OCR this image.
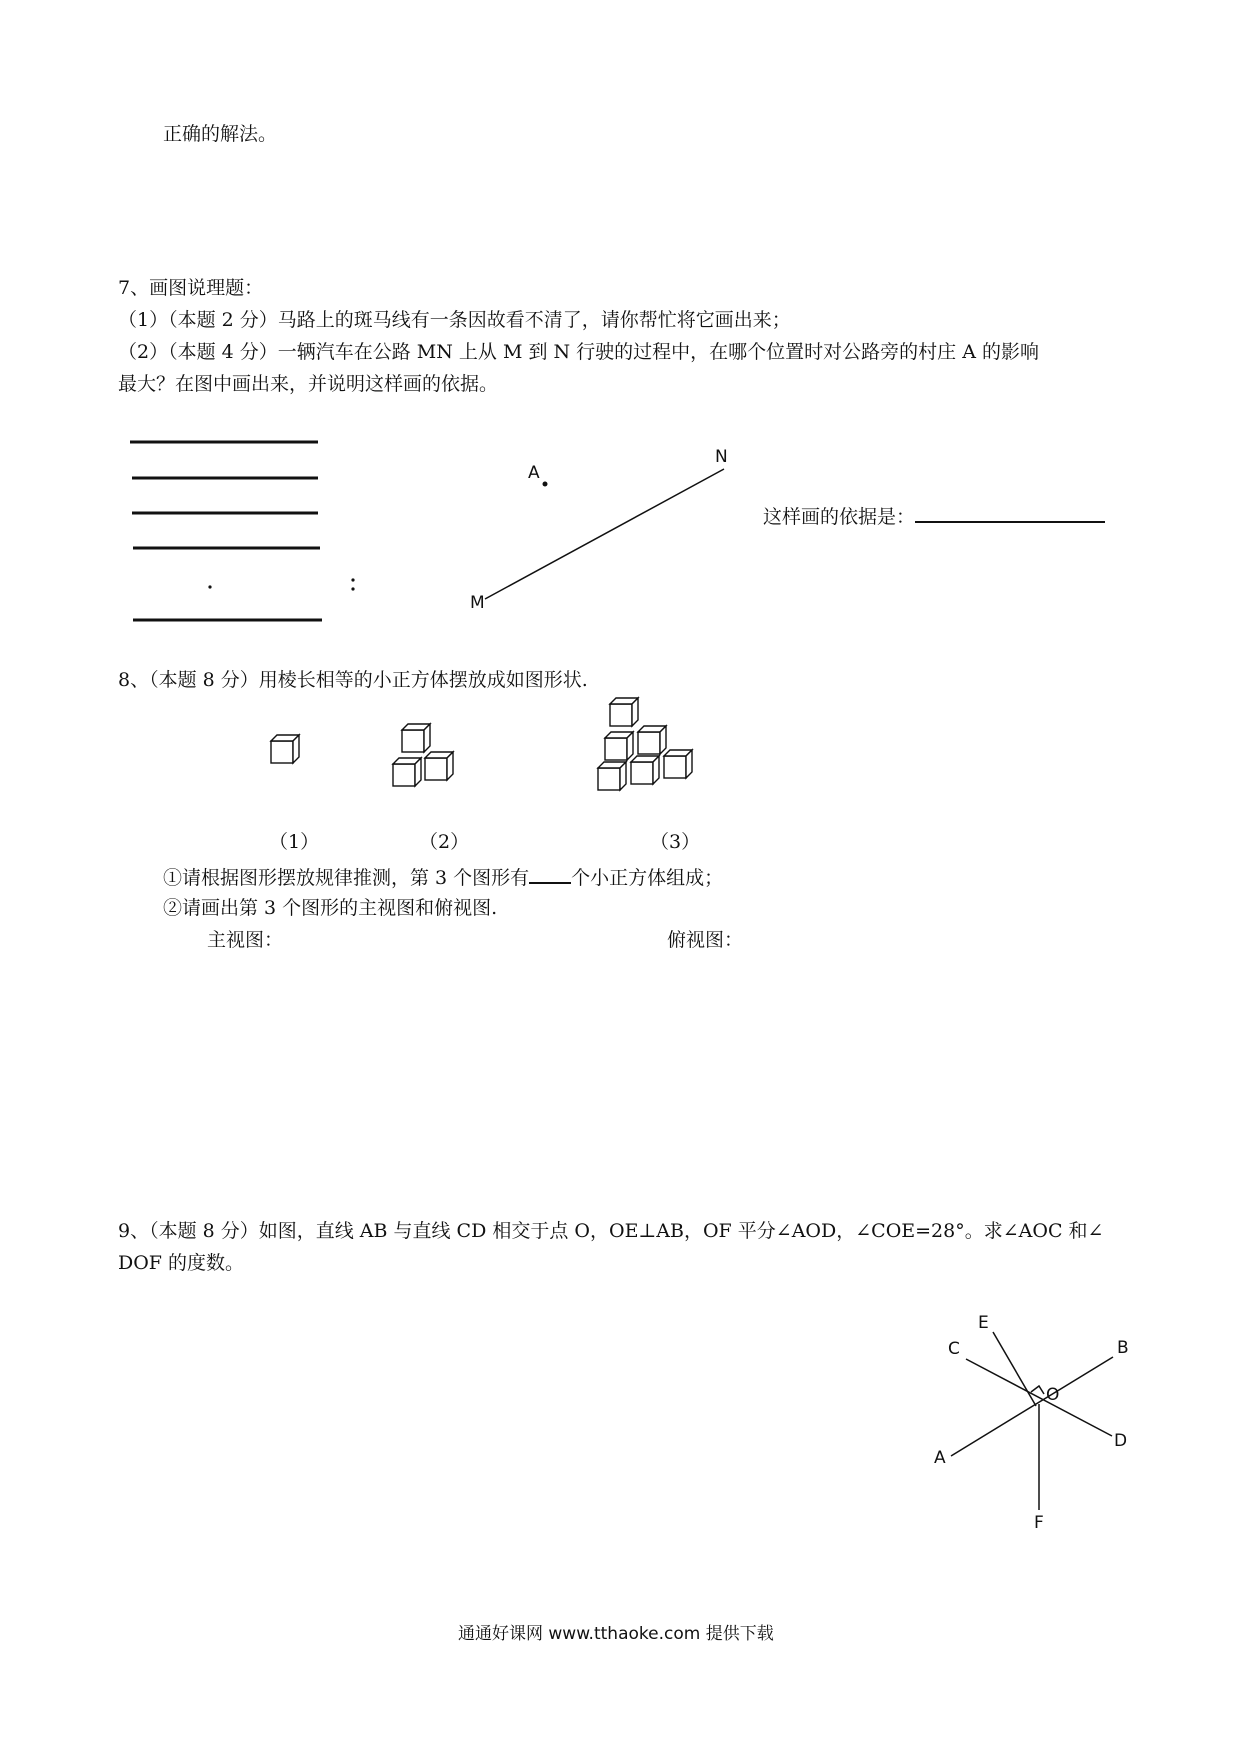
正确的解法。
7、画图说理题：
（1）（本题 2 分）马路上的斑马线有一条因故看不清了，请你帮忙将它画出来；
（2）（本题 4 分）一辆汽车在公路 MN 上从 M 到 N 行驶的过程中，在哪个位置时对公路旁的村庄 A 的影响
最大？在图中画出来，并说明这样画的依据。
A
M
N
这样画的依据是：
8、（本题 8 分）用棱长相等的小正方体摆放成如图形状.
（1）	（2）	（3）
①请根据图形摆放规律推测，第 3 个图形有 个小正方体组成；
②请画出第 3 个图形的主视图和俯视图.
主视图：	俯视图：
9、（本题 8 分）如图，直线 AB 与直线 CD 相交于点 O，OE⊥AB，OF 平分∠AOD，∠COE=28°。求∠AOC 和∠
DOF 的度数。
A
B
C
D
E
F
O
通通好课网 www.tthaoke.com 提供下载
